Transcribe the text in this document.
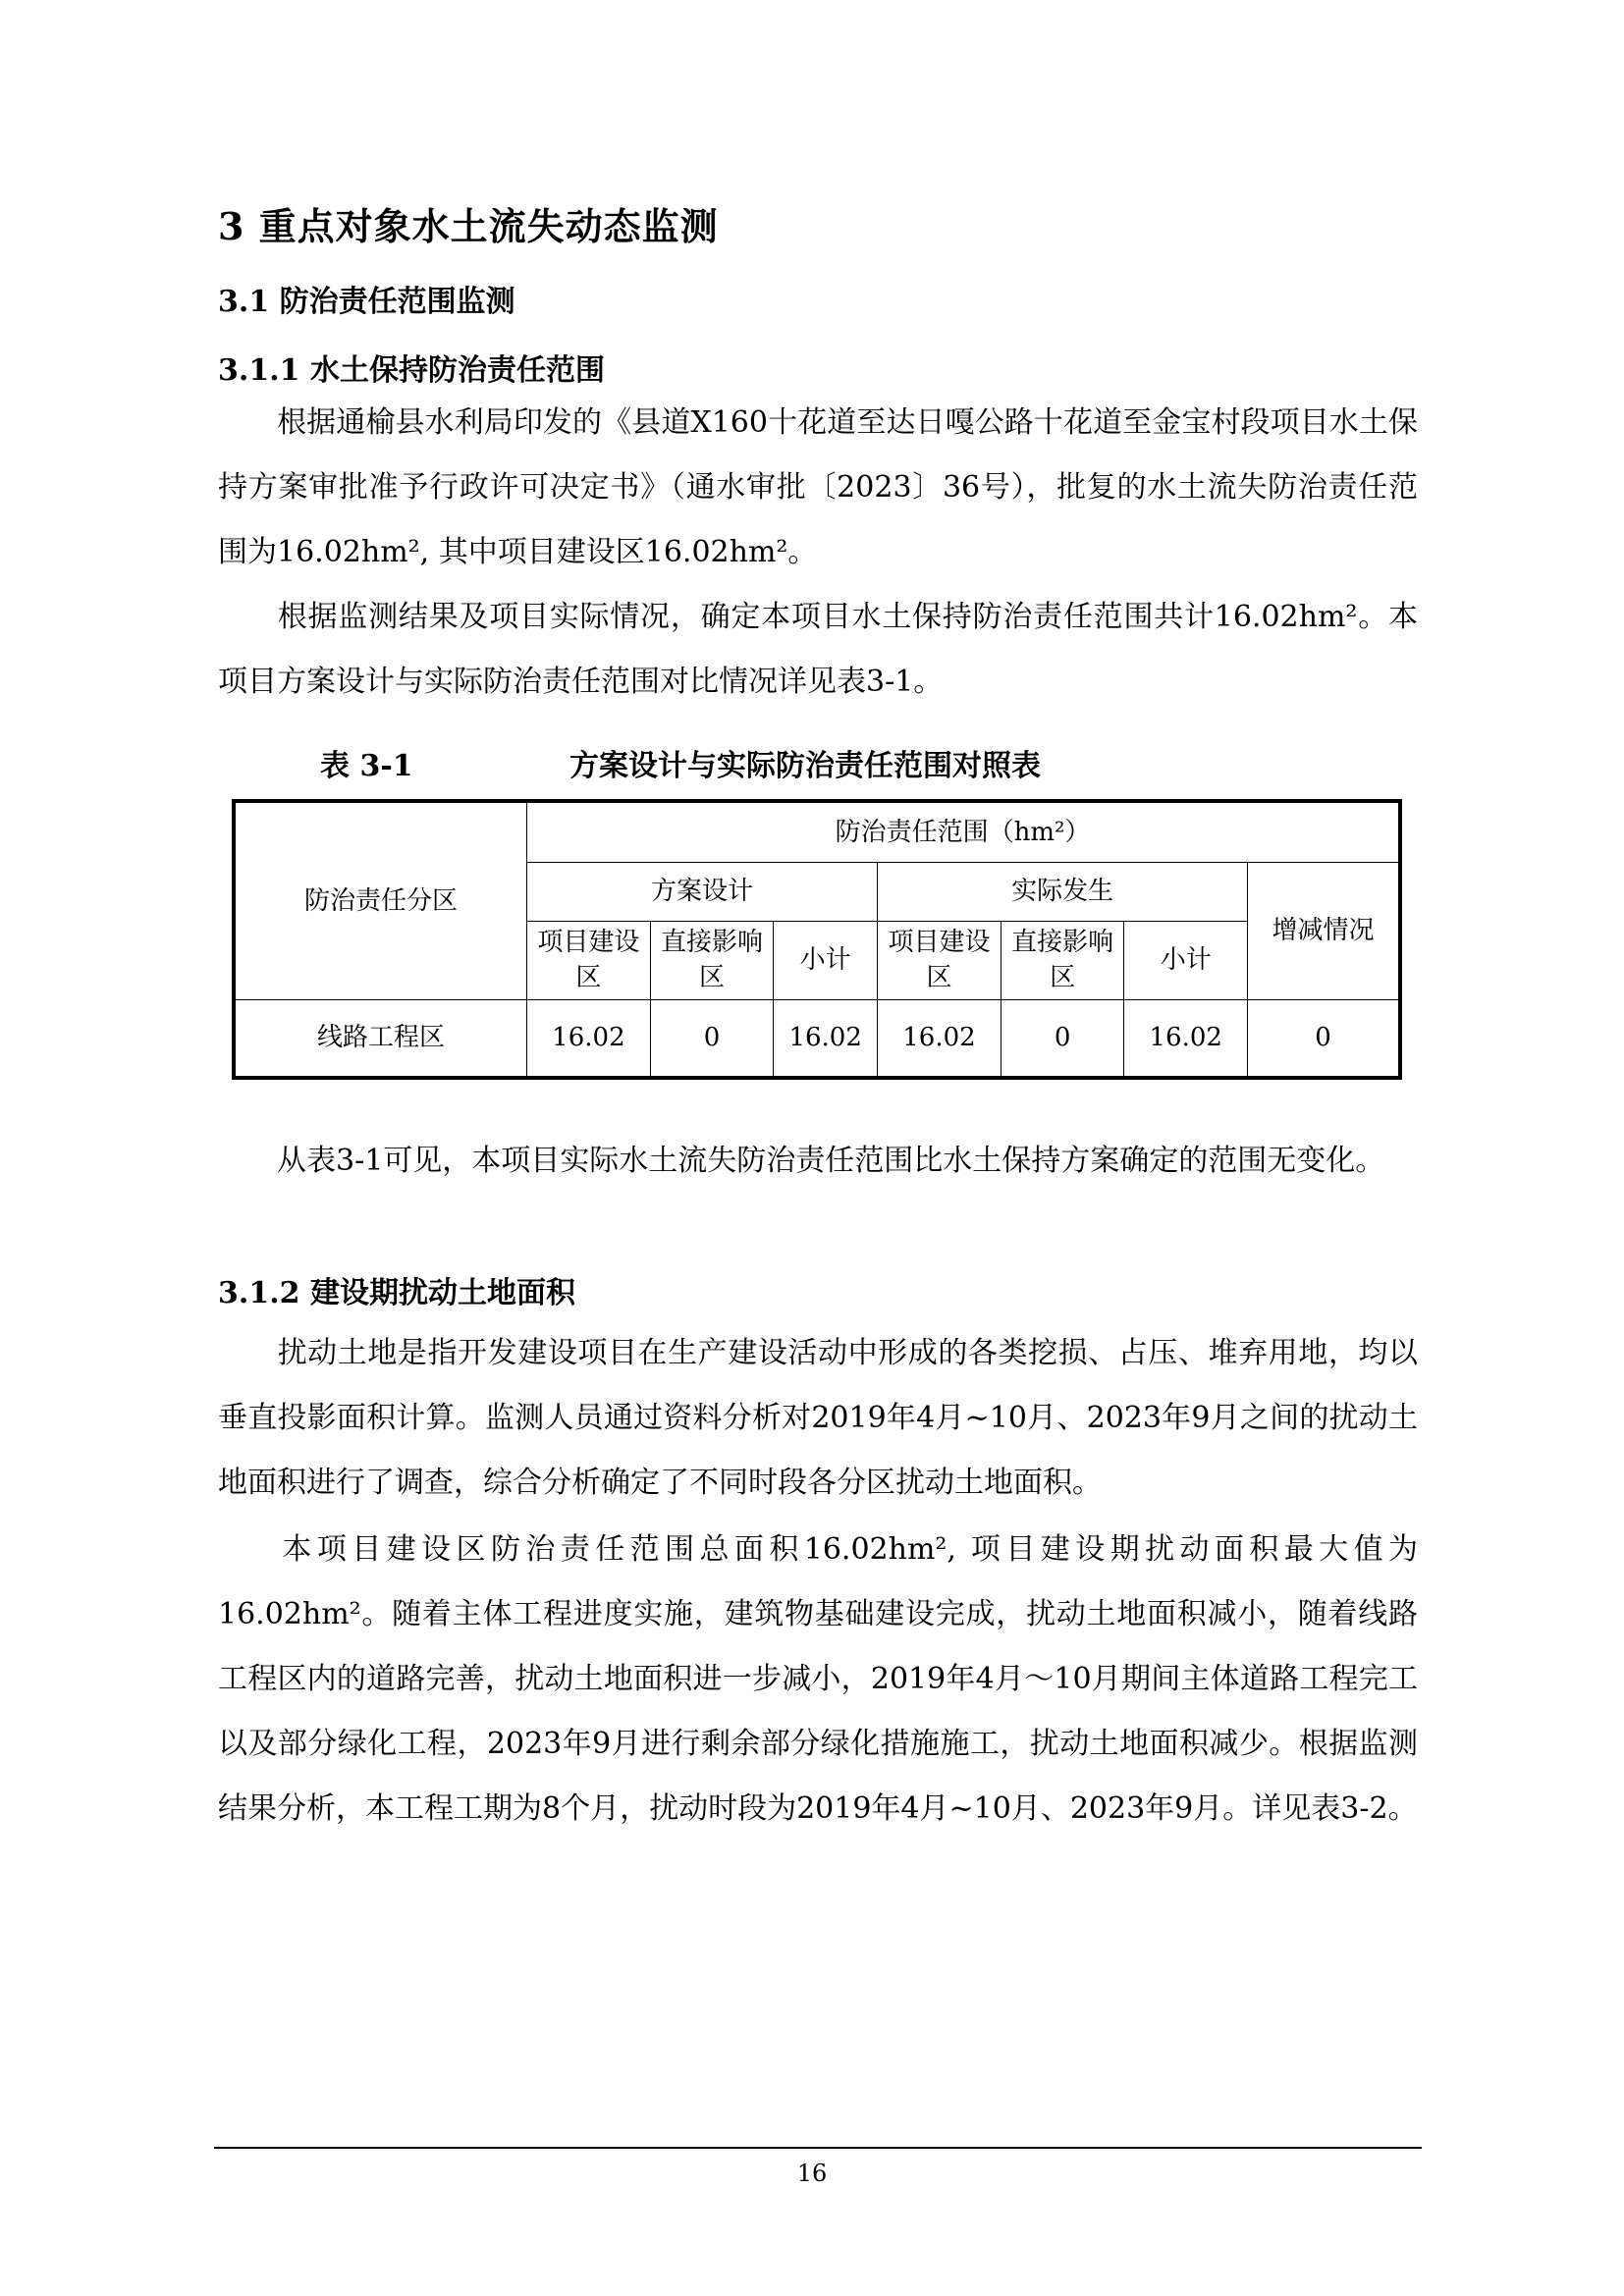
3 重点对象水土流失动态监测
3.1 防治责任范围监测
3.1.1 水土保持防治责任范围
根据通榆县水利局印发的《县道X160十花道至达日嘎公路十花道至金宝村段项目水土保持方案审批准予行政许可决定书》（通水审批〔2023〕36号），批复的水土流失防治责任范围为16.02hm², 其中项目建设区16.02hm²。
根据监测结果及项目实际情况，确定本项目水土保持防治责任范围共计16.02hm²。本项目方案设计与实际防治责任范围对比情况详见表3-1。
表 3-1	方案设计与实际防治责任范围对照表
防治责任分区	防治责任范围（hm²）						
	方案设计			实际发生			增减情况
	项目建设区	直接影响区	小计	项目建设区	直接影响区	小计	
线路工程区	16.02	0	16.02	16.02	0	16.02	0
从表3-1可见，本项目实际水土流失防治责任范围比水土保持方案确定的范围无变化。
3.1.2 建设期扰动土地面积
扰动土地是指开发建设项目在生产建设活动中形成的各类挖损、占压、堆弃用地，均以垂直投影面积计算。监测人员通过资料分析对2019年4月~10月、2023年9月之间的扰动土地面积进行了调查，综合分析确定了不同时段各分区扰动土地面积。
本项目建设区防治责任范围总面积16.02hm², 项目建设期扰动面积最大值为16.02hm²。随着主体工程进度实施，建筑物基础建设完成，扰动土地面积减小，随着线路工程区内的道路完善，扰动土地面积进一步减小，2019年4月～10月期间主体道路工程完工以及部分绿化工程，2023年9月进行剩余部分绿化措施施工，扰动土地面积减少。根据监测结果分析，本工程工期为8个月，扰动时段为2019年4月~10月、2023年9月。详见表3-2。
16
